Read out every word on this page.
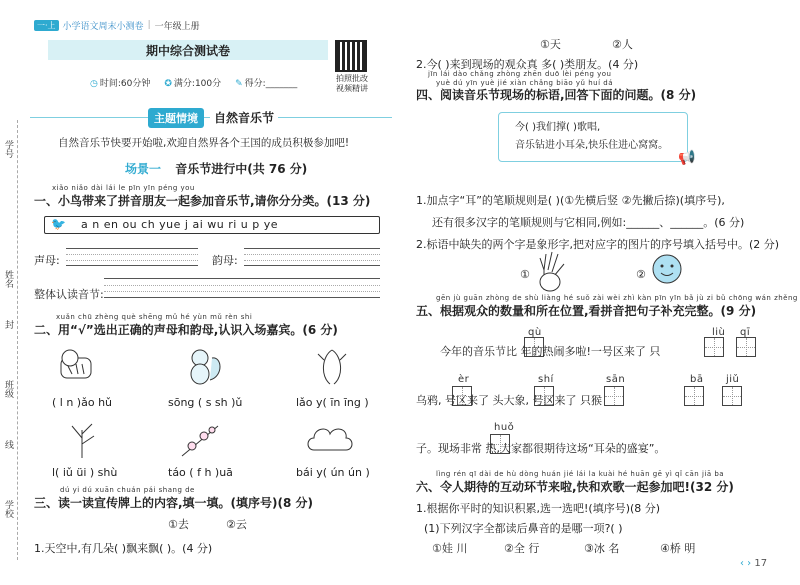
学号
姓名
封
班级
线
学校
一·上 小学语文周末小测卷 | 一年级上册
期中综合测试卷
◷ 时间:60分钟 ✪ 满分:100分 ✎ 得分:_______
拍照批改
视频精讲
主题情境	自然音乐节
自然音乐节快要开始啦,欢迎自然界各个王国的成员积极参加吧!
场景一 音乐节进行中(共 76 分)
xiǎo niǎo dài lái le pīn yīn péng you
一、小鸟带来了拼音朋友一起参加音乐节,请你分分类。(13 分)
🐦 a n en ou ch yue j ai wu ri u p ye
声母:	韵母:
整体认读音节:
xuǎn chū zhèng què shēng mǔ hé yùn mǔ rèn shi
二、用“√”选出正确的声母和韵母,认识入场嘉宾。(6 分)
( l n )ǎo hǔ	sōng ( s sh )ǔ	lǎo y( īn īng )
l( iǔ üi ) shù	táo ( f h )uā	bái y( ún ún )
dú yi dú xuān chuán pái shang de
三、读一读宣传牌上的内容,填一填。(填序号)(8 分)
①去	②云
1.天空中,有几朵( )飘来飘( )。(4 分)
①天	②人
2.今( )来到现场的观众真 多( )类朋友。(4 分)
jīn lái dào chǎng zhòng zhēn duō lèi péng you
yuè dú yīn yuè jié xiàn chǎng biāo yǔ huí dá
四、阅读音乐节现场的标语,回答下面的问题。(8 分)
今( )我们撑( )歌唱,
音乐钻进小耳朵,快乐住进心窝窝。
📢
1.加点字“耳”的笔顺规则是( )(①先横后竖 ②先撇后捺)(填序号),
还有很多汉字的笔顺规则与它相同,例如:______、______。(6 分)
2.标语中缺失的两个字是象形字,把对应字的图片的序号填入括号中。(2 分)
①	②
gēn jù guān zhòng de shù liàng hé suǒ zài wèi zhì kàn pīn yīn bǎ jù zi bǔ chōng wán zhěng
五、根据观众的数量和所在位置,看拼音把句子补充完整。(9 分)
qù	liù qī
今年的音乐节比 年的热闹多啦!一号区来了 只
èr	shí	sān	bā jiǔ
乌鸦, 号区来了 头大象, 号区来了 只猴
huǒ
子。现场非常 热,大家都很期待这场“耳朵的盛宴”。
lìng rén qī dài de hù dòng huán jié lái la kuài hé huān gē yì qǐ cān jiā ba
六、令人期待的互动环节来啦,快和欢歌一起参加吧!(32 分)
1.根据你平时的知识积累,选一选吧!(填序号)(8 分)
(1)下列汉字全都读后鼻音的是哪一项?( )
①娃 川	②全 行	③冰 名	④桥 明
‹ › 17
